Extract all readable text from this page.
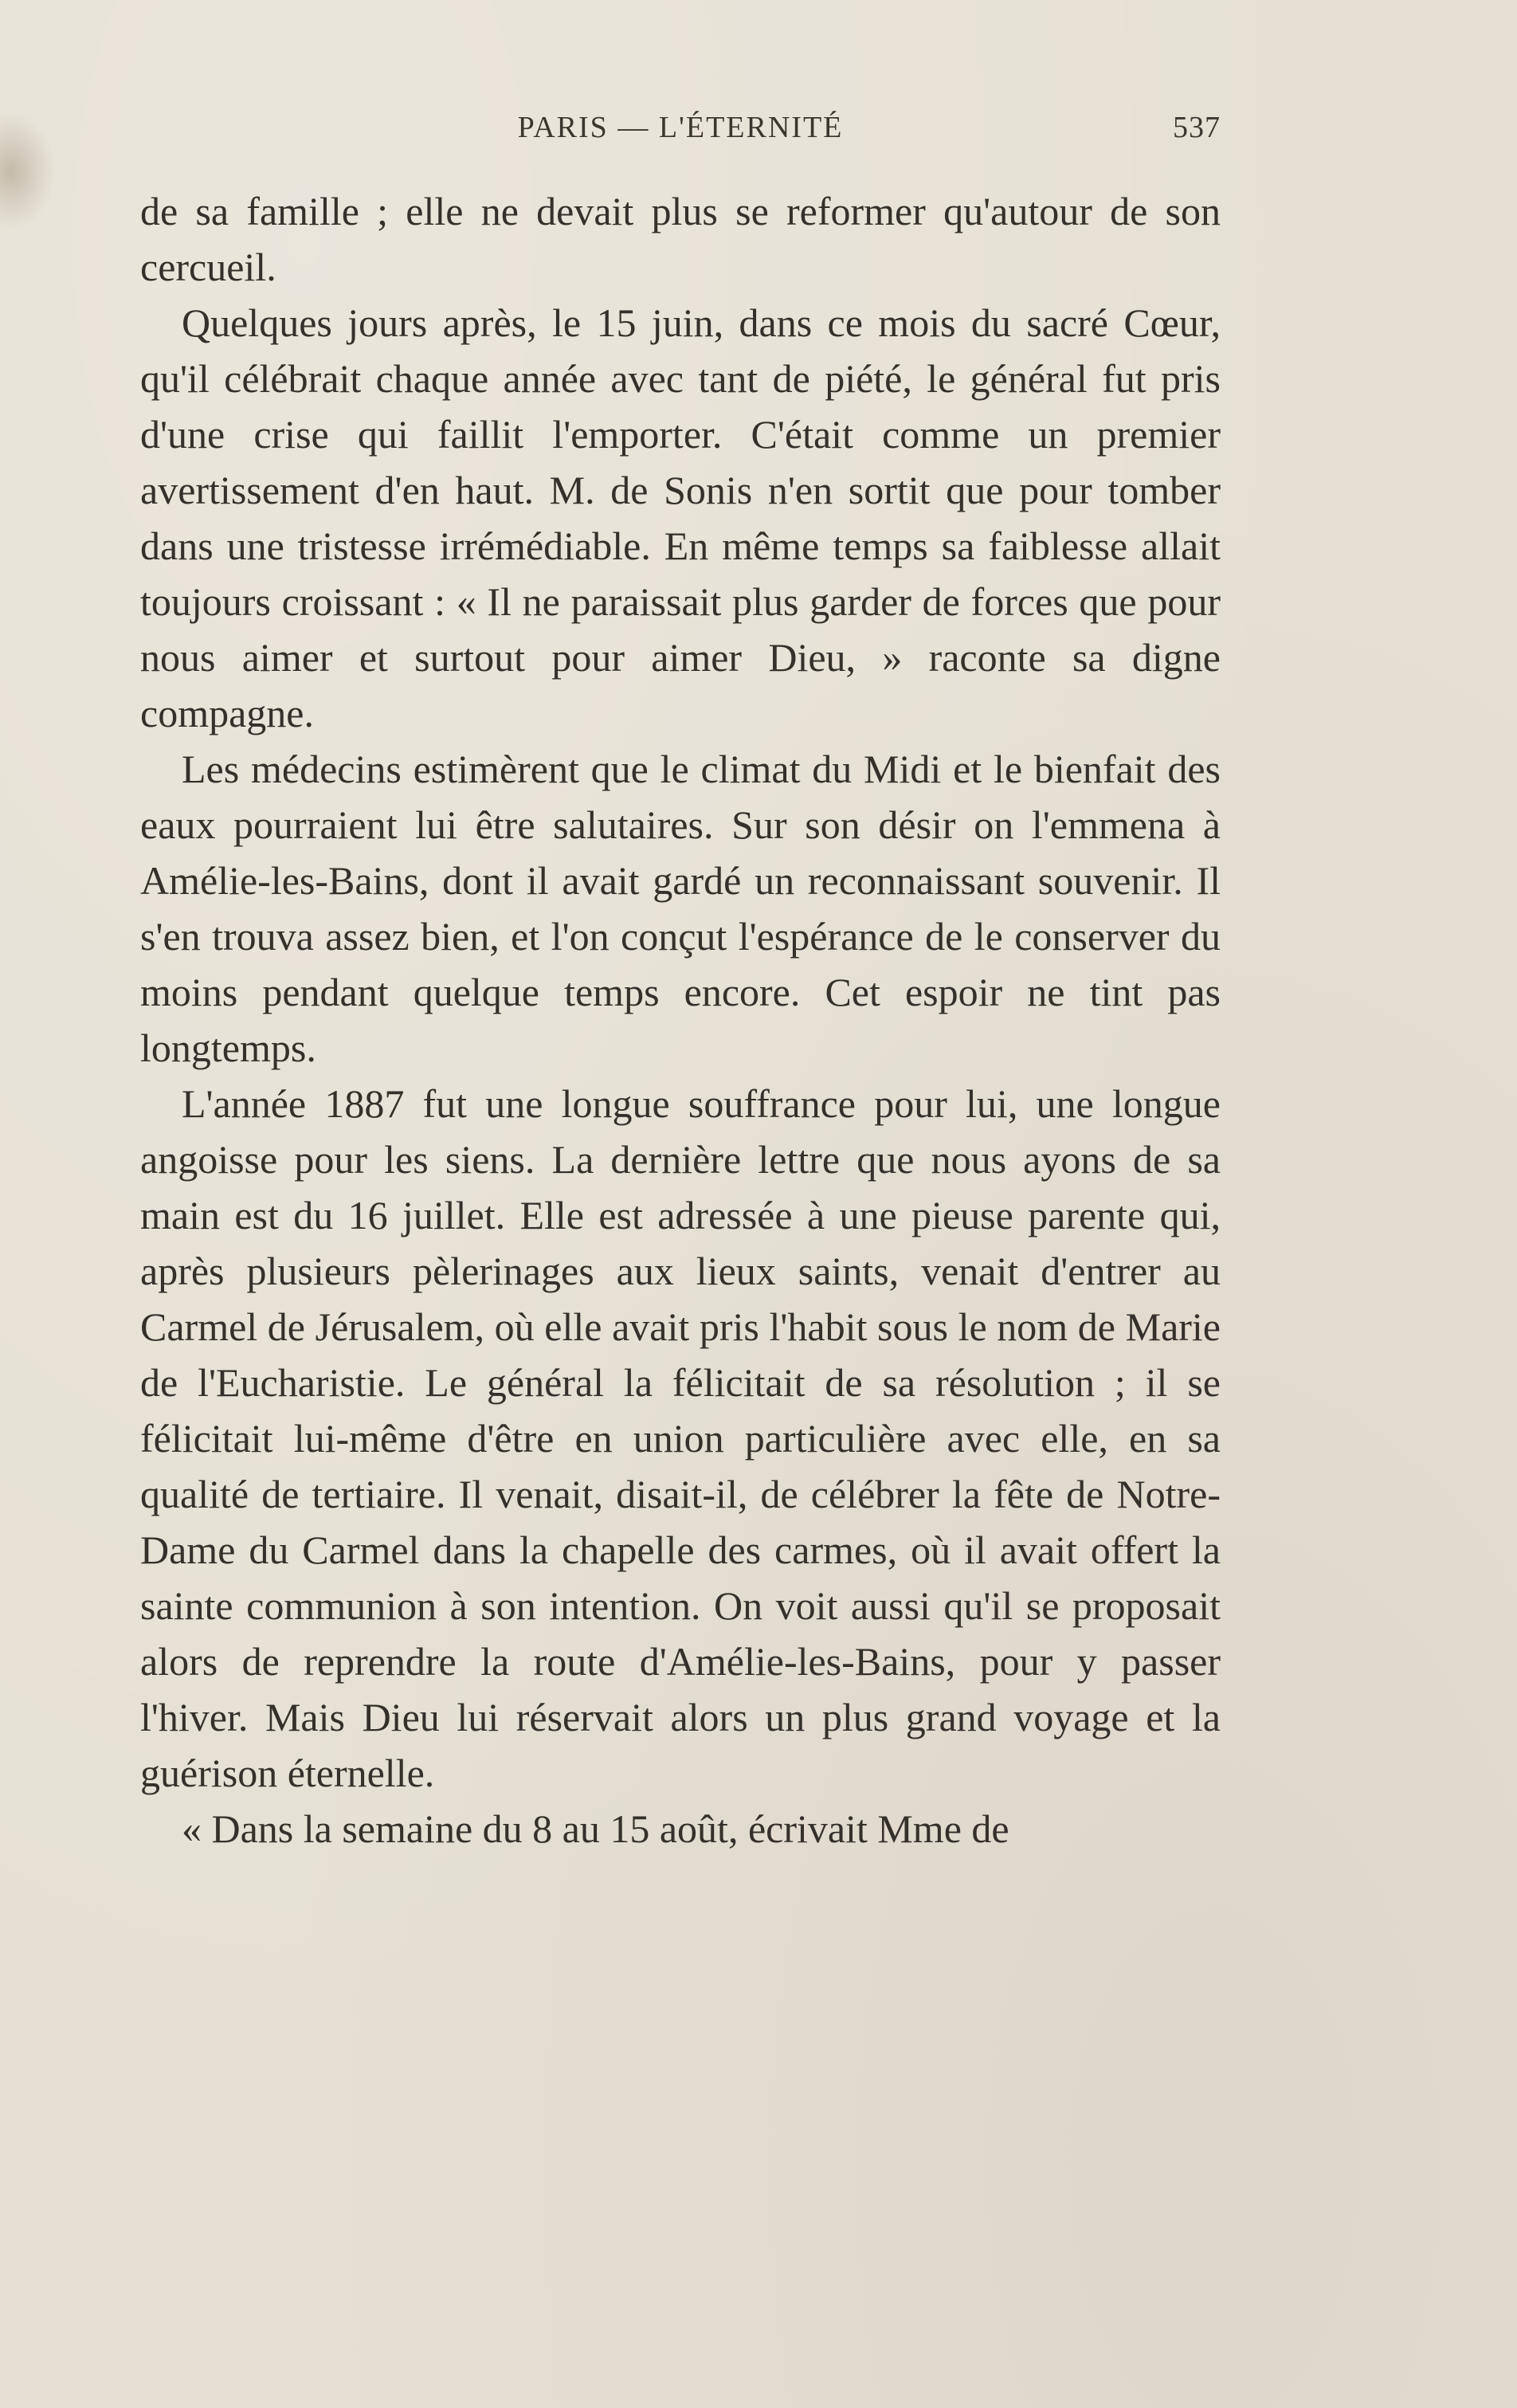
PARIS — L'ÉTERNITÉ	537

de sa famille ; elle ne devait plus se reformer qu'autour de son cercueil.

Quelques jours après, le 15 juin, dans ce mois du sacré Cœur, qu'il célébrait chaque année avec tant de piété, le général fut pris d'une crise qui faillit l'emporter. C'était comme un premier avertissement d'en haut. M. de Sonis n'en sortit que pour tomber dans une tristesse irrémédiable. En même temps sa faiblesse allait toujours croissant : « Il ne paraissait plus garder de forces que pour nous aimer et surtout pour aimer Dieu, » raconte sa digne compagne.

Les médecins estimèrent que le climat du Midi et le bienfait des eaux pourraient lui être salutaires. Sur son désir on l'emmena à Amélie-les-Bains, dont il avait gardé un reconnaissant souvenir. Il s'en trouva assez bien, et l'on conçut l'espérance de le conserver du moins pendant quelque temps encore. Cet espoir ne tint pas longtemps.

L'année 1887 fut une longue souffrance pour lui, une longue angoisse pour les siens. La dernière lettre que nous ayons de sa main est du 16 juillet. Elle est adressée à une pieuse parente qui, après plusieurs pèlerinages aux lieux saints, venait d'entrer au Carmel de Jérusalem, où elle avait pris l'habit sous le nom de Marie de l'Eucharistie. Le général la félicitait de sa résolution ; il se félicitait lui-même d'être en union particulière avec elle, en sa qualité de tertiaire. Il venait, disait-il, de célébrer la fête de Notre-Dame du Carmel dans la chapelle des carmes, où il avait offert la sainte communion à son intention. On voit aussi qu'il se proposait alors de reprendre la route d'Amélie-les-Bains, pour y passer l'hiver. Mais Dieu lui réservait alors un plus grand voyage et la guérison éternelle.

« Dans la semaine du 8 au 15 août, écrivait Mme de
